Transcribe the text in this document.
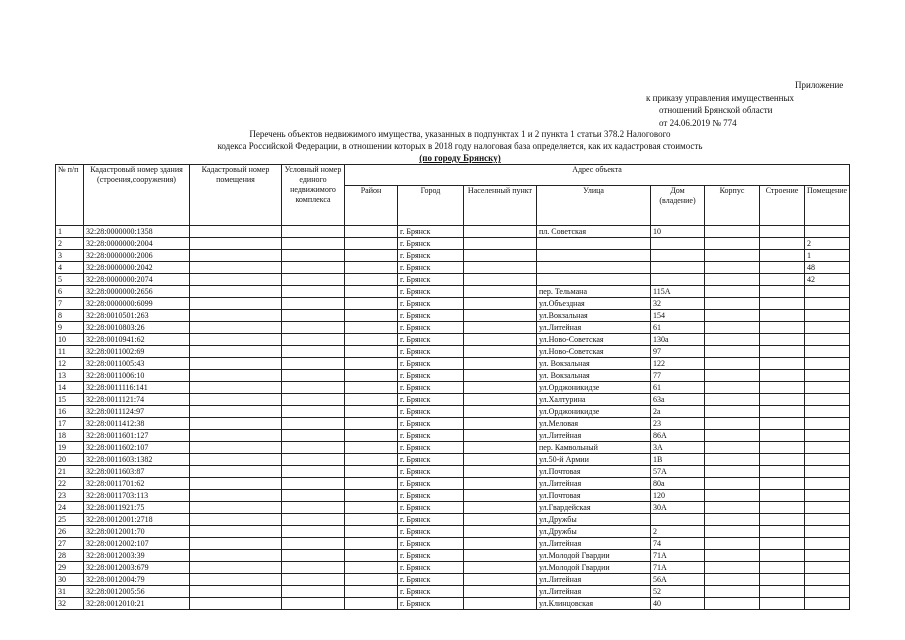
Приложение
к приказу управления имущественных
отношений Брянской области
от 24.06.2019 № 774
Перечень объектов недвижимого имущества, указанных в подпунктах 1 и 2 пункта 1 статьи 378.2 Налогового
кодекса Российской Федерации, в отношении которых в 2018 году налоговая база определяется, как их кадастровая стоимость
(по городу Брянску)
№ п/п	Кадастровый номер здания (строения,сооружения)	Кадастровый номер помещения	Условный номер единого недвижимого комплекса	Адрес объекта							
				Район	Город	Населенный пункт	Улица	Дом (владение)	Корпус	Строение	Помещение
1	32:28:0000000:1358				г. Брянск		пл. Советская	10			
2	32:28:0000000:2004				г. Брянск						2
3	32:28:0000000:2006				г. Брянск						1
4	32:28:0000000:2042				г. Брянск						48
5	32:28:0000000:2074				г. Брянск						42
6	32:28:0000000:2656				г. Брянск		пер. Тельмана	115А			
7	32:28:0000000:6099				г. Брянск		ул.Объездная	32			
8	32:28:0010501:263				г. Брянск		ул.Вокзальная	154			
9	32:28:0010803:26				г. Брянск		ул.Литейная	61			
10	32:28:0010941:62				г. Брянск		ул.Ново-Советская	130а			
11	32:28:0011002:69				г. Брянск		ул.Ново-Советская	97			
12	32:28:0011005:43				г. Брянск		ул. Вокзальная	122			
13	32:28:0011006:10				г. Брянск		ул. Вокзальная	77			
14	32:28:0011116:141				г. Брянск		ул.Орджоникидзе	61			
15	32:28:0011121:74				г. Брянск		ул.Халтурина	63а			
16	32:28:0011124:97				г. Брянск		ул.Орджоникидзе	2а			
17	32:28:0011412:38				г. Брянск		ул.Меловая	23			
18	32:28:0011601:127				г. Брянск		ул.Литейная	86А			
19	32:28:0011602:107				г. Брянск		пер. Камвольный	3А			
20	32:28:0011603:1382				г. Брянск		ул.50-й Армии	1В			
21	32:28:0011603:87				г. Брянск		ул.Почтовая	57А			
22	32:28:0011701:62				г. Брянск		ул.Литейная	80а			
23	32:28:0011703:113				г. Брянск		ул.Почтовая	120			
24	32:28:0011921:75				г. Брянск		ул.Гвардейская	30А			
25	32:28:0012001:2718				г. Брянск		ул.Дружбы				
26	32:28:0012001:70				г. Брянск		ул.Дружбы	2			
27	32:28:0012002:107				г. Брянск		ул.Литейная	74			
28	32:28:0012003:39				г. Брянск		ул.Молодой Гвардии	71А			
29	32:28:0012003:679				г. Брянск		ул.Молодой Гвардии	71А			
30	32:28:0012004:79				г. Брянск		ул.Литейная	56А			
31	32:28:0012005:56				г. Брянск		ул.Литейная	52			
32	32:28:0012010:21				г. Брянск		ул.Клинцовская	40			
